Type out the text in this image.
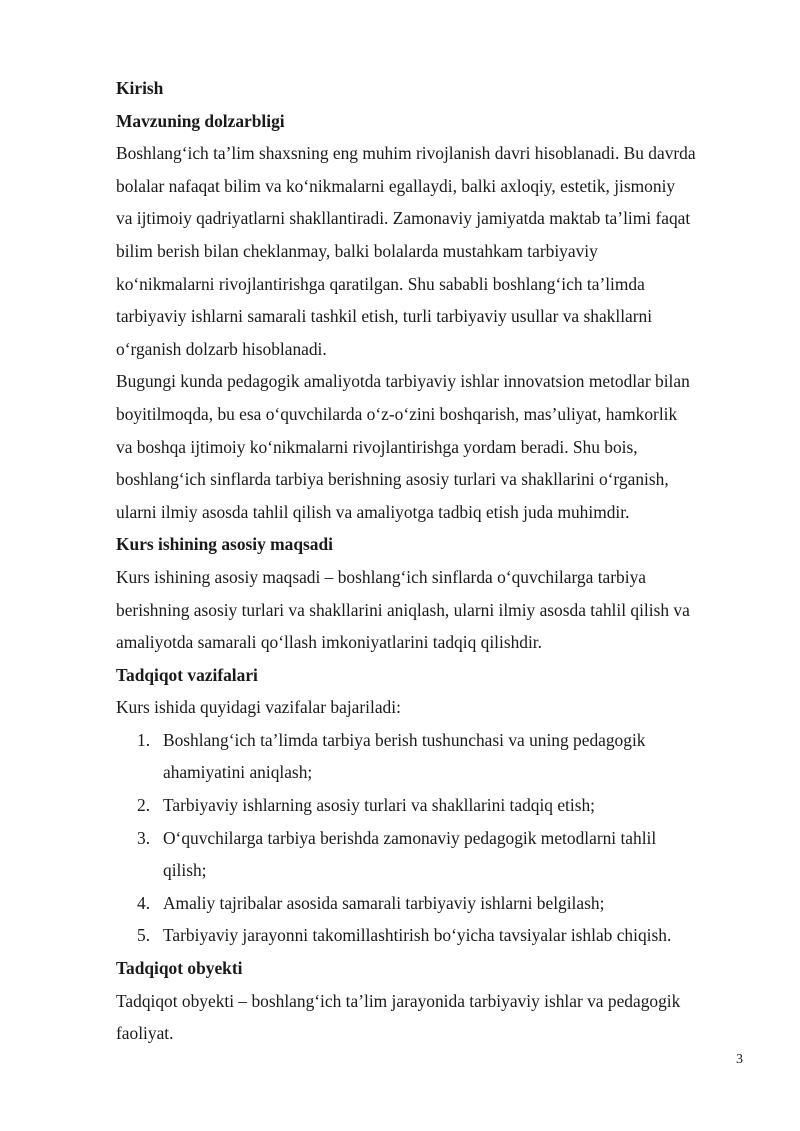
Kirish

Mavzuning dolzarbligi

Boshlang‘ich ta’lim shaxsning eng muhim rivojlanish davri hisoblanadi. Bu davrda

bolalar nafaqat bilim va ko‘nikmalarni egallaydi, balki axloqiy, estetik, jismoniy

va ijtimoiy qadriyatlarni shakllantiradi. Zamonaviy jamiyatda maktab ta’limi faqat

bilim berish bilan cheklanmay, balki bolalarda mustahkam tarbiyaviy

ko‘nikmalarni rivojlantirishga qaratilgan. Shu sababli boshlang‘ich ta’limda

tarbiyaviy ishlarni samarali tashkil etish, turli tarbiyaviy usullar va shakllarni

o‘rganish dolzarb hisoblanadi.

Bugungi kunda pedagogik amaliyotda tarbiyaviy ishlar innovatsion metodlar bilan

boyitilmoqda, bu esa o‘quvchilarda o‘z-o‘zini boshqarish, mas’uliyat, hamkorlik

va boshqa ijtimoiy ko‘nikmalarni rivojlantirishga yordam beradi. Shu bois,

boshlang‘ich sinflarda tarbiya berishning asosiy turlari va shakllarini o‘rganish,

ularni ilmiy asosda tahlil qilish va amaliyotga tadbiq etish juda muhimdir.

Kurs ishining asosiy maqsadi

Kurs ishining asosiy maqsadi – boshlang‘ich sinflarda o‘quvchilarga tarbiya

berishning asosiy turlari va shakllarini aniqlash, ularni ilmiy asosda tahlil qilish va

amaliyotda samarali qo‘llash imkoniyatlarini tadqiq qilishdir.

Tadqiqot vazifalari

Kurs ishida quyidagi vazifalar bajariladi:

1. Boshlang‘ich ta’limda tarbiya berish tushunchasi va uning pedagogik

ahamiyatini aniqlash;

2. Tarbiyaviy ishlarning asosiy turlari va shakllarini tadqiq etish;

3. O‘quvchilarga tarbiya berishda zamonaviy pedagogik metodlarni tahlil

qilish;

4. Amaliy tajribalar asosida samarali tarbiyaviy ishlarni belgilash;

5. Tarbiyaviy jarayonni takomillashtirish bo‘yicha tavsiyalar ishlab chiqish.

Tadqiqot obyekti

Tadqiqot obyekti – boshlang‘ich ta’lim jarayonida tarbiyaviy ishlar va pedagogik

faoliyat.

3
